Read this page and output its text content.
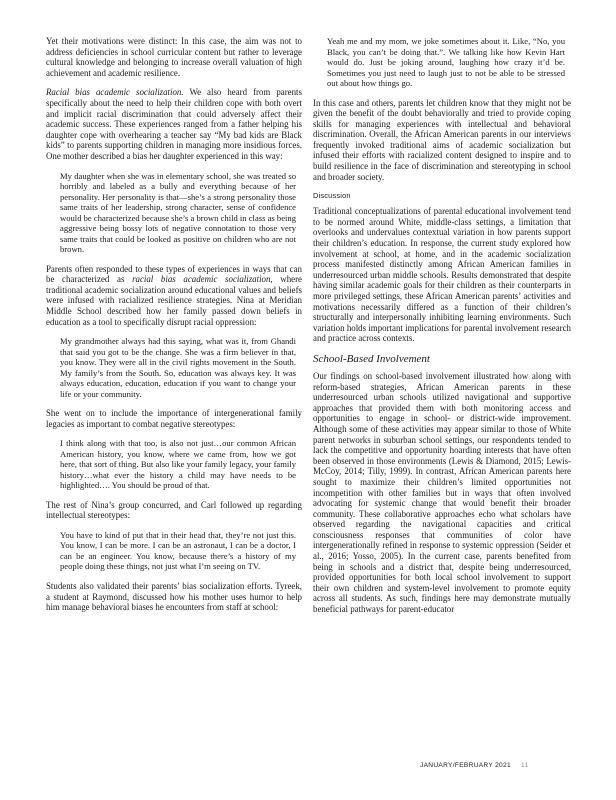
Yet their motivations were distinct: In this case, the aim was not to address deficiencies in school curricular content but rather to leverage cultural knowledge and belonging to increase overall valuation of high achievement and academic resilience.

Racial bias academic socialization. We also heard from parents specifically about the need to help their children cope with both overt and implicit racial discrimination that could adversely affect their academic success. These experiences ranged from a father helping his daughter cope with overhearing a teacher say “My bad kids are Black kids” to parents supporting children in managing more insidious forces. One mother described a bias her daughter experienced in this way:

My daughter when she was in elementary school, she was treated so horribly and labeled as a bully and everything because of her personality. Her personality is that—she’s a strong personality those same traits of her leadership, strong character, sense of confidence would be characterized because she’s a brown child in class as being aggressive being bossy lots of negative connotation to those very same traits that could be looked as positive on children who are not brown.

Parents often responded to these types of experiences in ways that can be characterized as racial bias academic socialization, where traditional academic socialization around educational values and beliefs were infused with racialized resilience strategies. Nina at Meridian Middle School described how her family passed down beliefs in education as a tool to specifically disrupt racial oppression:

My grandmother always had this saying, what was it, from Ghandi that said you got to be the change. She was a firm believer in that, you know. They were all in the civil rights movement in the South. My family’s from the South. So, education was always key. It was always education, education, education if you want to change your life or your community.

She went on to include the importance of intergenerational family legacies as important to combat negative stereotypes:

I think along with that too, is also not just…our common African American history, you know, where we came from, how we got here, that sort of thing. But also like your family legacy, your family history…what ever the history a child may have needs to be highlighted…. You should be proud of that.

The rest of Nina’s group concurred, and Carl followed up regarding intellectual stereotypes:

You have to kind of put that in their head that, they’re not just this. You know, I can be more. I can be an astronaut, I can be a doctor, I can be an engineer. You know, because there’s a history of my people doing these things, not just what I’m seeing on TV.

Students also validated their parents’ bias socialization efforts. Tyreek, a student at Raymond, discussed how his mother uses humor to help him manage behavioral biases he encounters from staff at school:

Yeah me and my mom, we joke sometimes about it. Like, “No, you Black, you can’t be doing that.”. We talking like how Kevin Hart would do. Just be joking around, laughing how crazy it’d be. Sometimes you just need to laugh just to not be able to be stressed out about how things go.

In this case and others, parents let children know that they might not be given the benefit of the doubt behaviorally and tried to provide coping skills for managing experiences with intellectual and behavioral discrimination. Overall, the African American parents in our interviews frequently invoked traditional aims of academic socialization but infused their efforts with racialized content designed to inspire and to build resilience in the face of discrimination and stereotyping in school and broader society.

Discussion

Traditional conceptualizations of parental educational involvement tend to be normed around White, middle-class settings, a limitation that overlooks and undervalues contextual variation in how parents support their children’s education. In response, the current study explored how involvement at school, at home, and in the academic socialization process manifested distinctly among African American families in underresourced urban middle schools. Results demonstrated that despite having similar academic goals for their children as their counterparts in more privileged settings, these African American parents’ activities and motivations necessarily differed as a function of their children’s structurally and interpersonally inhibiting learning environments. Such variation holds important implications for parental involvement research and practice across contexts.

School-Based Involvement

Our findings on school-based involvement illustrated how along with reform-based strategies, African American parents in these underresourced urban schools utilized navigational and supportive approaches that provided them with both monitoring access and opportunities to engage in school- or district-wide improvement. Although some of these activities may appear similar to those of White parent networks in suburban school settings, our respondents tended to lack the competitive and opportunity hoarding interests that have often been observed in those environments (Lewis & Diamond, 2015; Lewis-McCoy, 2014; Tilly, 1999). In contrast, African American parents here sought to maximize their children’s limited opportunities not incompetition with other families but in ways that often involved advocating for systemic change that would benefit their broader community. These collaborative approaches echo what scholars have observed regarding the navigational capacities and critical consciousness responses that communities of color have intergenerationally refined in response to systemic oppression (Seider et al., 2016; Yosso, 2005). In the current case, parents benefited from being in schools and a district that, despite being underresourced, provided opportunities for both local school involvement to support their own children and system-level involvement to promote equity across all students. As such, findings here may demonstrate mutually beneficial pathways for parent-educator

JANUARY/FEBRUARY 2021 11
